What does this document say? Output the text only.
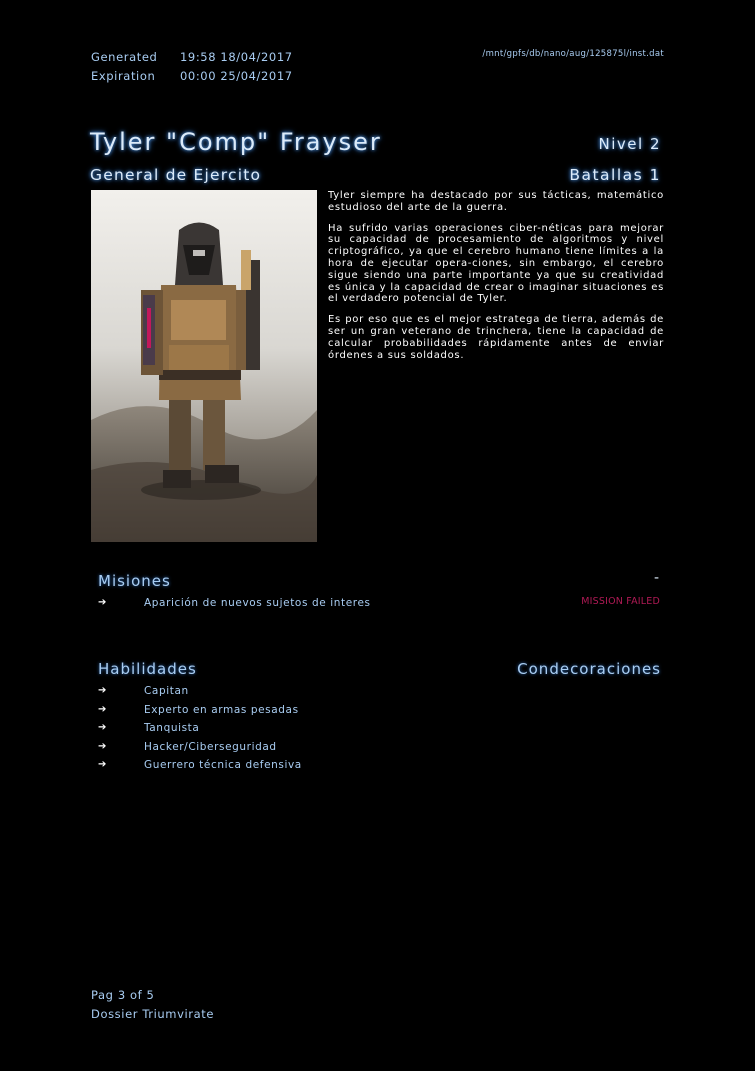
Generated 19:58 18/04/2017
Expiration 00:00 25/04/2017
/mnt/gpfs/db/nano/aug/125875l/inst.dat
Tyler "Comp" Frayser	Nivel 2
General de Ejercito	Batallas 1

Tyler siempre ha destacado por sus tácticas, matemático estudioso del arte de la guerra.

Ha sufrido varias operaciones ciber-néticas para mejorar su capacidad de procesamiento de algoritmos y nivel criptográfico, ya que el cerebro humano tiene límites a la hora de ejecutar opera-ciones, sin embargo, el cerebro sigue siendo una parte importante ya que su creatividad es única y la capacidad de crear o imaginar situaciones es el verdadero potencial de Tyler.

Es por eso que es el mejor estratega de tierra, además de ser un gran veterano de trinchera, tiene la capacidad de calcular probabilidades rápidamente antes de enviar órdenes a sus soldados.

Misiones	-
➔	Aparición de nuevos sujetos de interes	MISSION FAILED
Habilidades	Condecoraciones
➔	Capitan
➔	Experto en armas pesadas
➔	Tanquista
➔	Hacker/Ciberseguridad
➔	Guerrero técnica defensiva
Pag 3 of 5
Dossier Triumvirate
